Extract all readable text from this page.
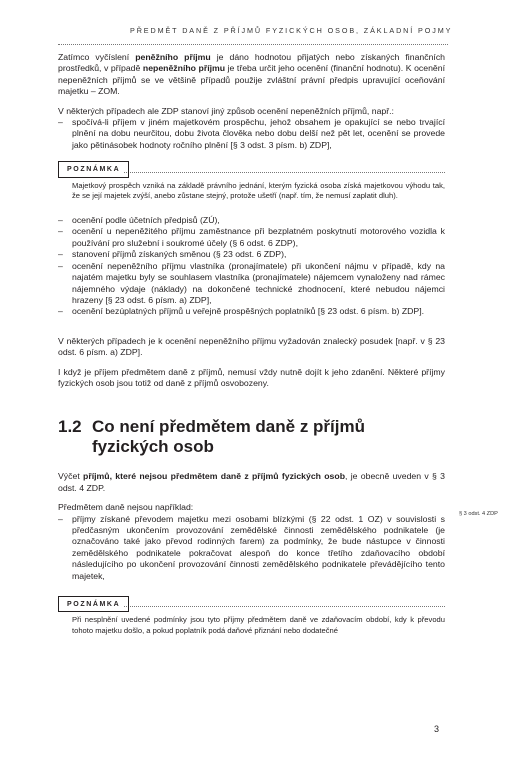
PŘEDMĚT DANĚ Z PŘÍJMŮ FYZICKÝCH OSOB, ZÁKLADNÍ POJMY

Zatímco vyčíslení peněžního příjmu je dáno hodnotou přijatých nebo získaných finančních prostředků, v případě nepeněžního příjmu je třeba určit jeho ocenění (finanční hodnotu). K ocenění nepeněžních příjmů se ve většině případů použije zvláštní právní předpis upravující oceňování majetku – ZOM.

V některých případech ale ZDP stanoví jiný způsob ocenění nepeněžních příjmů, např.:

– spočívá-li příjem v jiném majetkovém prospěchu, jehož obsahem je opakující se nebo trvající plnění na dobu neurčitou, dobu života člověka nebo dobu delší než pět let, ocenění se provede jako pětinásobek hodnoty ročního plnění [§ 3 odst. 3 písm. b) ZDP],
POZNÁMKA
Majetkový prospěch vzniká na základě právního jednání, kterým fyzická osoba získá majetkovou výhodu tak, že se její majetek zvýší, anebo zůstane stejný, protože ušetří (např. tím, že nemusí zaplatit dluh).
– ocenění podle účetních předpisů (ZÚ),
– ocenění u nepeněžitého příjmu zaměstnance při bezplatném poskytnutí motorového vozidla k používání pro služební i soukromé účely (§ 6 odst. 6 ZDP),
– stanovení příjmů získaných směnou (§ 23 odst. 6 ZDP),
– ocenění nepeněžního příjmu vlastníka (pronajímatele) při ukončení nájmu v případě, kdy na najatém majetku byly se souhlasem vlastníka (pronajímatele) nájemcem vynaloženy nad rámec nájemného výdaje (náklady) na dokončené technické zhodnocení, které nebudou nájemci hrazeny [§ 23 odst. 6 písm. a) ZDP],
– ocenění bezúplatných příjmů u veřejně prospěšných poplatníků [§ 23 odst. 6 písm. b) ZDP].

V některých případech je k ocenění nepeněžního příjmu vyžadován znalecký posudek [např. v § 23 odst. 6 písm. a) ZDP].

I když je příjem předmětem daně z příjmů, nemusí vždy nutně dojít k jeho zdanění. Některé příjmy fyzických osob jsou totiž od daně z příjmů osvobozeny.

1.2 Co není předmětem daně z příjmů fyzických osob

Výčet příjmů, které nejsou předmětem daně z příjmů fyzických osob, je obecně uveden v § 3 odst. 4 ZDP.

Předmětem daně nejsou například:

– příjmy získané převodem majetku mezi osobami blízkými (§ 22 odst. 1 OZ) v souvislosti s předčasným ukončením provozování zemědělské činnosti zemědělského podnikatele (je označováno také jako převod rodinných farem) za podmínky, že bude nástupce v činnosti zemědělského podnikatele pokračovat alespoň do konce třetího zdaňovacího období následujícího po ukončení provozování činnosti zemědělského podnikatele převádějícího tento majetek,
POZNÁMKA
Při nesplnění uvedené podmínky jsou tyto příjmy předmětem daně ve zdaňovacím období, kdy k převodu tohoto majetku došlo, a pokud poplatník podá daňové přiznání nebo dodatečné
§ 3 odst. 4 ZDP
3
